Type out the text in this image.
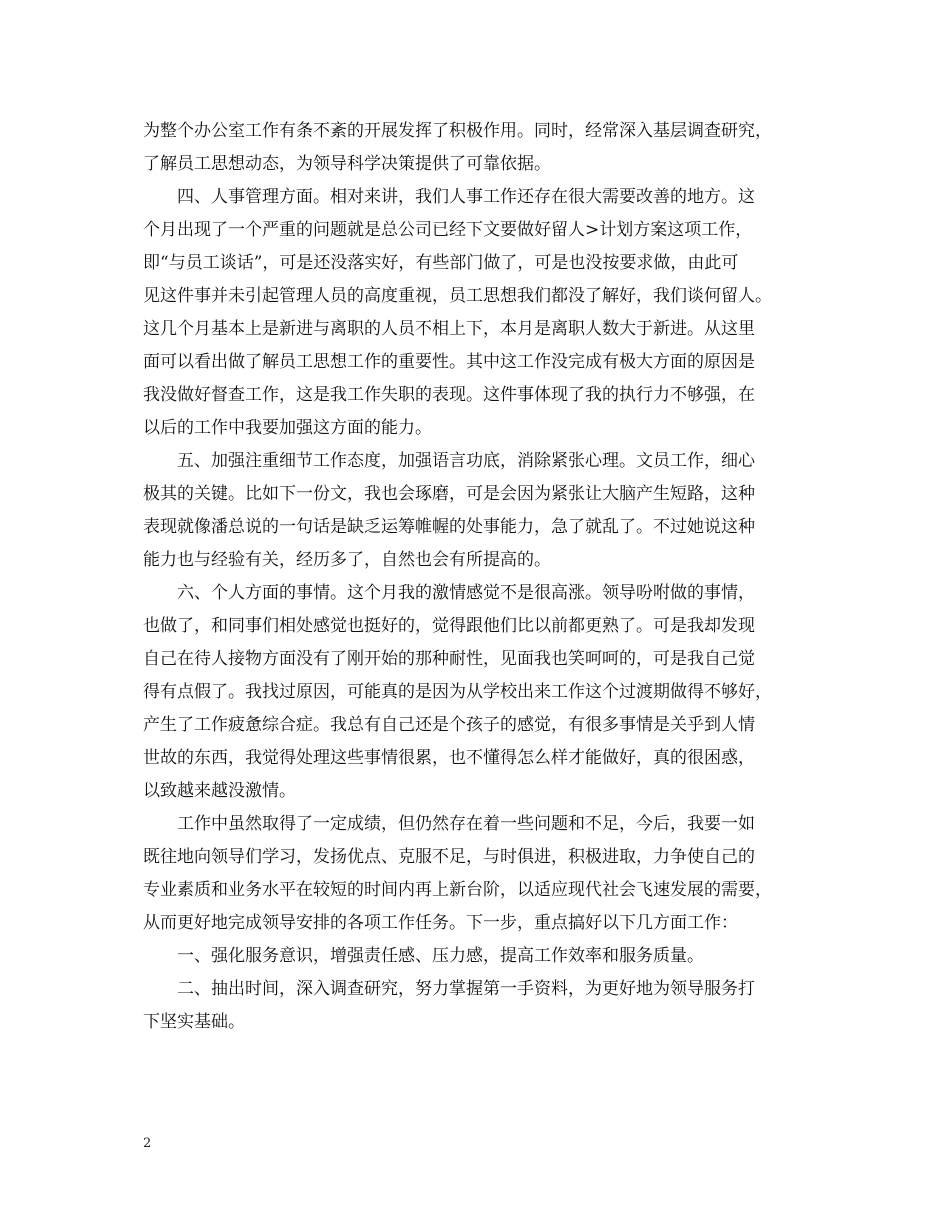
为整个办公室工作有条不紊的开展发挥了积极作用。同时，经常深入基层调查研究，
了解员工思想动态，为领导科学决策提供了可靠依据。
四、人事管理方面。相对来讲，我们人事工作还存在很大需要改善的地方。这
个月出现了一个严重的问题就是总公司已经下文要做好留人>计划方案这项工作，
即“与员工谈话”，可是还没落实好，有些部门做了，可是也没按要求做，由此可
见这件事并未引起管理人员的高度重视，员工思想我们都没了解好，我们谈何留人。
这几个月基本上是新进与离职的人员不相上下，本月是离职人数大于新进。从这里
面可以看出做了解员工思想工作的重要性。其中这工作没完成有极大方面的原因是
我没做好督查工作，这是我工作失职的表现。这件事体现了我的执行力不够强，在
以后的工作中我要加强这方面的能力。
五、加强注重细节工作态度，加强语言功底，消除紧张心理。文员工作，细心
极其的关键。比如下一份文，我也会琢磨，可是会因为紧张让大脑产生短路，这种
表现就像潘总说的一句话是缺乏运筹帷幄的处事能力，急了就乱了。不过她说这种
能力也与经验有关，经历多了，自然也会有所提高的。
六、个人方面的事情。这个月我的激情感觉不是很高涨。领导吩咐做的事情，
也做了，和同事们相处感觉也挺好的，觉得跟他们比以前都更熟了。可是我却发现
自己在待人接物方面没有了刚开始的那种耐性，见面我也笑呵呵的，可是我自己觉
得有点假了。我找过原因，可能真的是因为从学校出来工作这个过渡期做得不够好，
产生了工作疲惫综合症。我总有自己还是个孩子的感觉，有很多事情是关乎到人情
世故的东西，我觉得处理这些事情很累，也不懂得怎么样才能做好，真的很困惑，
以致越来越没激情。
工作中虽然取得了一定成绩，但仍然存在着一些问题和不足，今后，我要一如
既往地向领导们学习，发扬优点、克服不足，与时俱进，积极进取，力争使自己的
专业素质和业务水平在较短的时间内再上新台阶，以适应现代社会飞速发展的需要，
从而更好地完成领导安排的各项工作任务。下一步，重点搞好以下几方面工作：
一、强化服务意识，增强责任感、压力感，提高工作效率和服务质量。
二、抽出时间，深入调查研究，努力掌握第一手资料，为更好地为领导服务打
下坚实基础。
2
